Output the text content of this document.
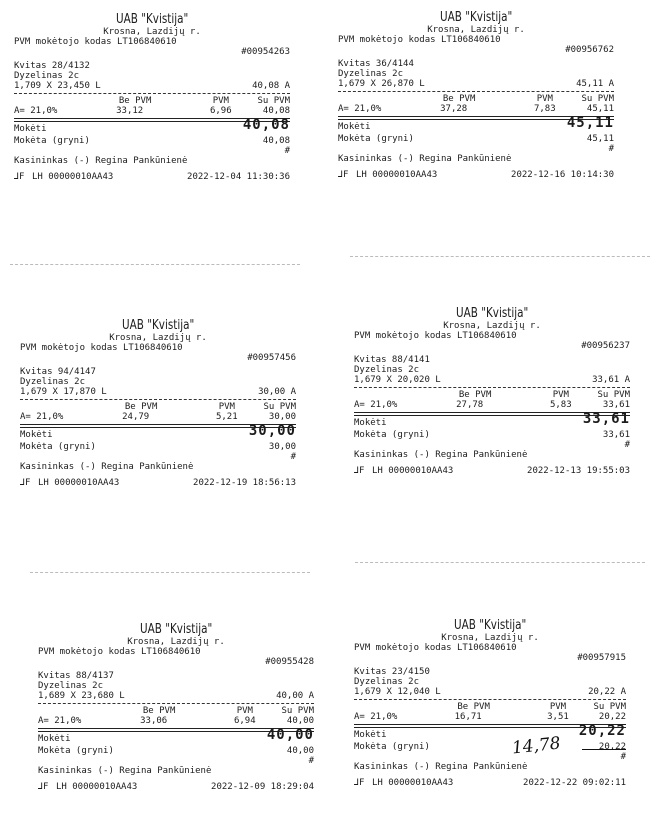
UAB "Kvistija"
Krosna, Lazdijų r.
PVM mokėtojo kodas LT106840610
#00954263
Kvitas 28/4132
Dyzelinas 2c
1,709 X 23,450 L	40,08 A
Be PVM	PVM	Su PVM
A= 21,0%	33,12	6,96	40,08
Mokėti	40,08
Mokėta (gryni)	40,08
#
Kasininkas (-) Regina Pankūnienė
⅃F LH 00000010AA43	2022-12-04 11:30:36
UAB "Kvistija"
Krosna, Lazdijų r.
PVM mokėtojo kodas LT106840610
#00956762
Kvitas 36/4144
Dyzelinas 2c
1,679 X 26,870 L	45,11 A
Be PVM	PVM	Su PVM
A= 21,0%	37,28	7,83	45,11
Mokėti	45,11
Mokėta (gryni)	45,11
#
Kasininkas (-) Regina Pankūnienė
⅃F LH 00000010AA43	2022-12-16 10:14:30
UAB "Kvistija"
Krosna, Lazdijų r.
PVM mokėtojo kodas LT106840610
#00957456
Kvitas 94/4147
Dyzelinas 2c
1,679 X 17,870 L	30,00 A
Be PVM	PVM	Su PVM
A= 21,0%	24,79	5,21	30,00
Mokėti	30,00
Mokėta (gryni)	30,00
#
Kasininkas (-) Regina Pankūnienė
⅃F LH 00000010AA43	2022-12-19 18:56:13
UAB "Kvistija"
Krosna, Lazdijų r.
PVM mokėtojo kodas LT106840610
#00956237
Kvitas 88/4141
Dyzelinas 2c
1,679 X 20,020 L	33,61 A
Be PVM	PVM	Su PVM
A= 21,0%	27,78	5,83	33,61
Mokėti	33,61
Mokėta (gryni)	33,61
#
Kasininkas (-) Regina Pankūnienė
⅃F LH 00000010AA43	2022-12-13 19:55:03
UAB "Kvistija"
Krosna, Lazdijų r.
PVM mokėtojo kodas LT106840610
#00955428
Kvitas 88/4137
Dyzelinas 2c
1,689 X 23,680 L	40,00 A
Be PVM	PVM	Su PVM
A= 21,0%	33,06	6,94	40,00
Mokėti	40,00
Mokėta (gryni)	40,00
#
Kasininkas (-) Regina Pankūnienė
⅃F LH 00000010AA43	2022-12-09 18:29:04
UAB "Kvistija"
Krosna, Lazdijų r.
PVM mokėtojo kodas LT106840610
#00957915
Kvitas 23/4150
Dyzelinas 2c
1,679 X 12,040 L	20,22 A
Be PVM	PVM	Su PVM
A= 21,0%	16,71	3,51	20,22
Mokėti	20,22
Mokėta (gryni)	20,22
#
Kasininkas (-) Regina Pankūnienė
⅃F LH 00000010AA43	2022-12-22 09:02:11
14,78
